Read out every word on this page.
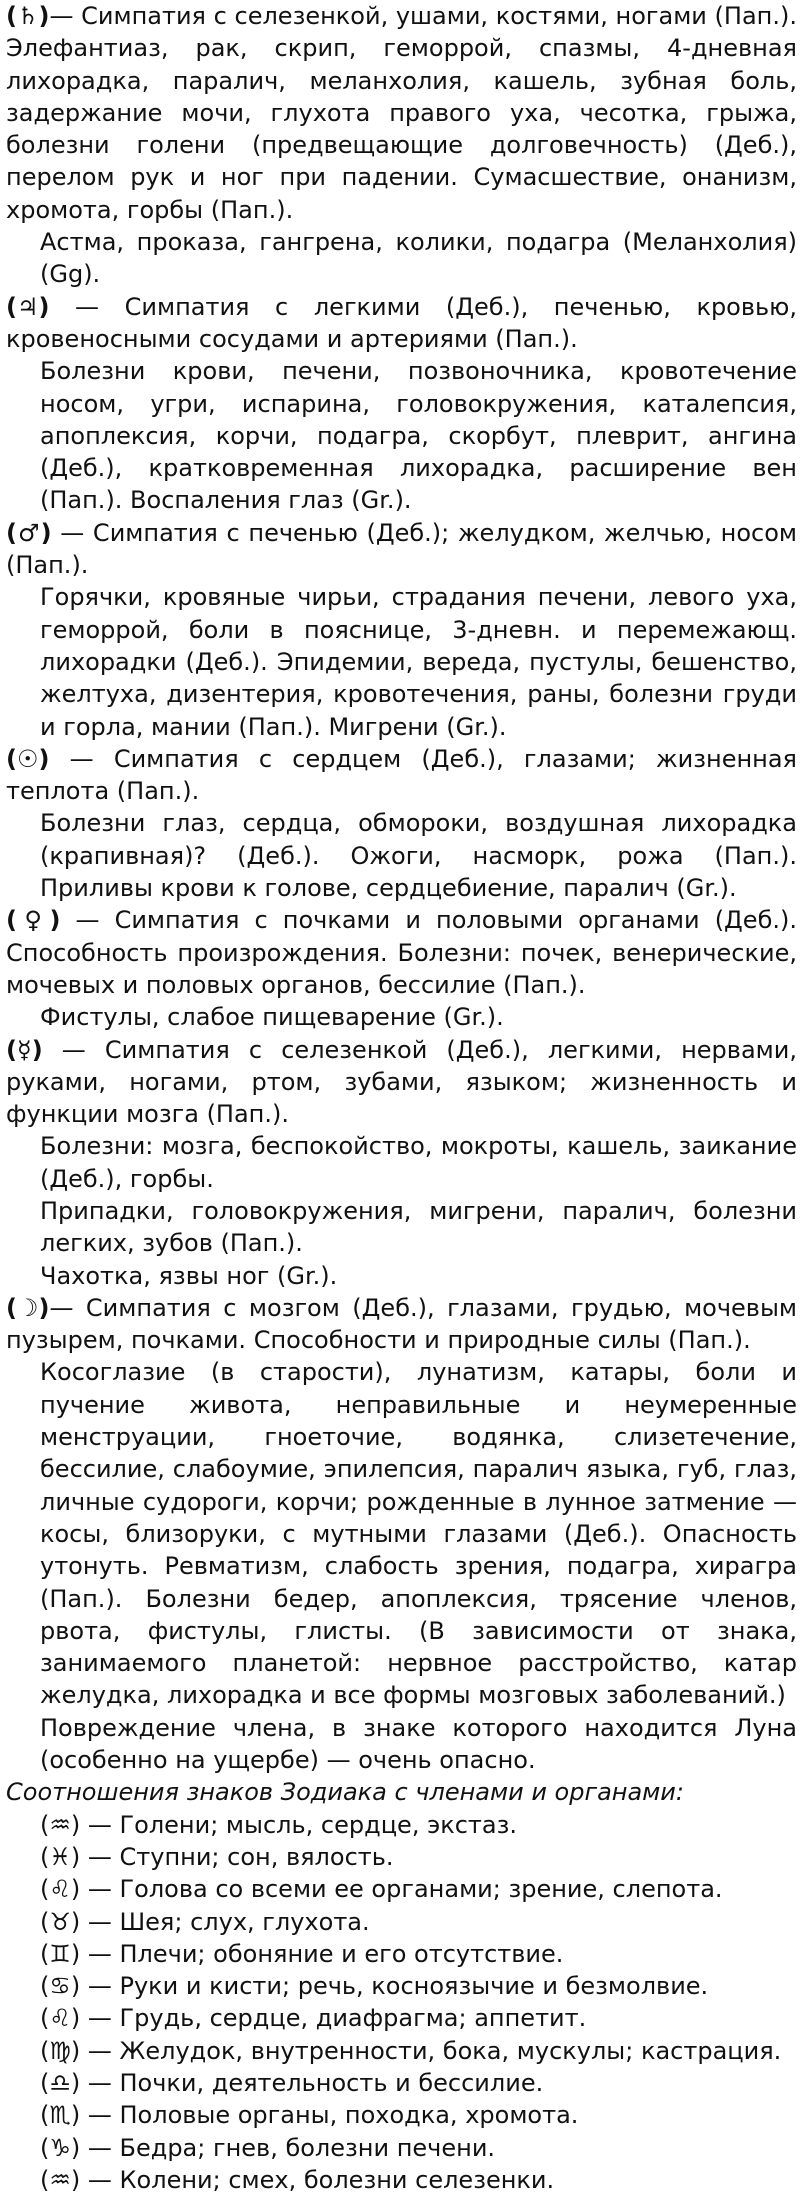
(♄)— Симпатия с селезенкой, ушами, костями, ногами (Пап.). Элефантиаз, рак, скрип, геморрой, спазмы, 4-дневная лихорадка, паралич, меланхолия, кашель, зубная боль, задержание мочи, глухота правого уха, чесотка, грыжа, болезни голени (предвещающие долговечность) (Деб.), перелом рук и ног при падении. Сумасшествие, онанизм, хромота, горбы (Пап.).

Астма, проказа, гангрена, колики, подагра (Меланхолия) (Gg).

(♃) — Симпатия с легкими (Деб.), печенью, кровью, кровеносными сосудами и артериями (Пап.).

Болезни крови, печени, позвоночника, кровотечение носом, угри, испарина, головокружения, каталепсия, апоплексия, корчи, подагра, скорбут, плеврит, ангина (Деб.), кратковременная лихорадка, расширение вен (Пап.). Воспаления глаз (Gr.).

(♂) — Симпатия с печенью (Деб.); желудком, желчью, носом (Пап.).

Горячки, кровяные чирьи, страдания печени, левого уха, геморрой, боли в пояснице, 3-дневн. и перемежающ. лихорадки (Деб.). Эпидемии, вереда, пустулы, бешенство, желтуха, дизентерия, кровотечения, раны, болезни груди и горла, мании (Пап.). Мигрени (Gr.).

(☉) — Симпатия с сердцем (Деб.), глазами; жизненная теплота (Пап.).

Болезни глаз, сердца, обмороки, воздушная лихорадка (крапивная)? (Деб.). Ожоги, насморк, рожа (Пап.). Приливы крови к голове, сердцебиение, паралич (Gr.).

(♀) — Симпатия с почками и половыми органами (Деб.). Способность произрождения. Болезни: почек, венерические, мочевых и половых органов, бессилие (Пап.).

Фистулы, слабое пищеварение (Gr.).

(☿) — Симпатия с селезенкой (Деб.), легкими, нервами, руками, ногами, ртом, зубами, языком; жизненность и функции мозга (Пап.).

Болезни: мозга, беспокойство, мокроты, кашель, заикание (Деб.), горбы.

Припадки, головокружения, мигрени, паралич, болезни легких, зубов (Пап.).

Чахотка, язвы ног (Gr.).

(☽)— Симпатия с мозгом (Деб.), глазами, грудью, мочевым пузырем, почками. Способности и природные силы (Пап.).

Косоглазие (в старости), лунатизм, катары, боли и пучение живота, неправильные и неумеренные менструации, гноеточие, водянка, слизетечение, бессилие, слабоумие, эпилепсия, паралич языка, губ, глаз, личные судороги, корчи; рожденные в лунное затмение — косы, близоруки, с мутными глазами (Деб.). Опасность утонуть. Ревматизм, слабость зрения, подагра, хирагра (Пап.). Болезни бедер, апоплексия, трясение членов, рвота, фистулы, глисты. (В зависимости от знака, занимаемого планетой: нервное расстройство, катар желудка, лихорадка и все формы мозговых заболеваний.)

Повреждение члена, в знаке которого находится Луна (особенно на ущербе) — очень опасно.

Соотношения знаков Зодиака с членами и органами:

(♒) — Голени; мысль, сердце, экстаз.
(♓) — Ступни; сон, вялость.
(♌) — Голова со всеми ее органами; зрение, слепота.
(♉) — Шея; слух, глухота.
(♊) — Плечи; обоняние и его отсутствие.
(♋) — Руки и кисти; речь, косноязычие и безмолвие.
(♌) — Грудь, сердце, диафрагма; аппетит.
(♍) — Желудок, внутренности, бока, мускулы; кастрация.
(♎) — Почки, деятельность и бессилие.
(♏) — Половые органы, походка, хромота.
(♑) — Бедра; гнев, болезни печени.
(♒) — Колени; смех, болезни селезенки.
